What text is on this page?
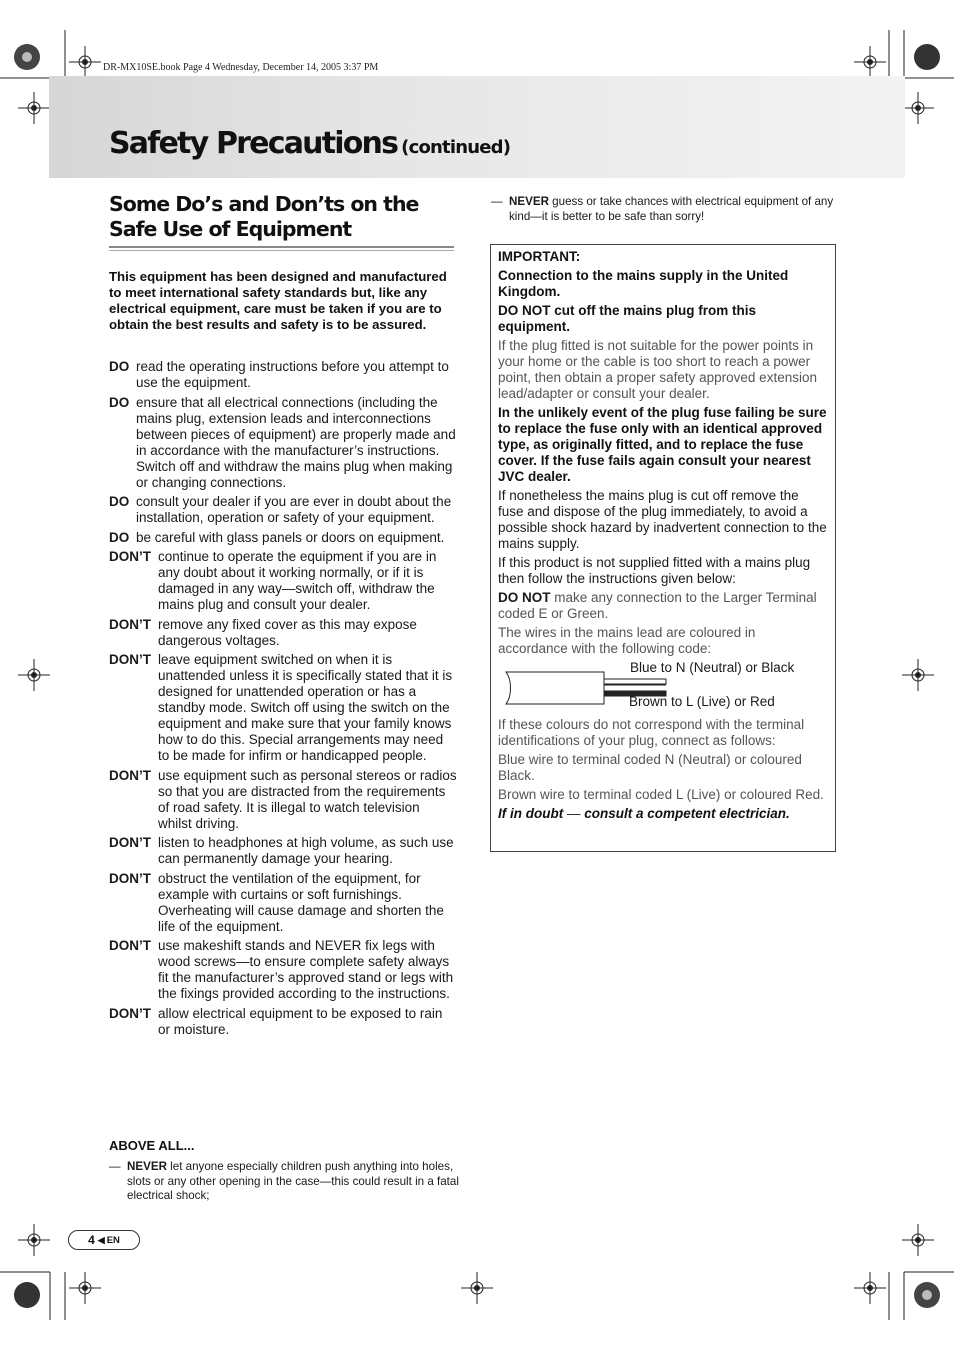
DR-MX10SE.book Page 4 Wednesday, December 14, 2005 3:37 PM
Safety Precautions (continued)
Some Do’s and Don’ts on the Safe Use of Equipment
This equipment has been designed and manufactured to meet international safety standards but, like any electrical equipment, care must be taken if you are to obtain the best results and safety is to be assured.
DO read the operating instructions before you attempt to use the equipment.
DO ensure that all electrical connections (including the mains plug, extension leads and interconnections between pieces of equipment) are properly made and in accordance with the manufacturer’s instructions. Switch off and withdraw the mains plug when making or changing connections.
DO consult your dealer if you are ever in doubt about the installation, operation or safety of your equipment.
DO be careful with glass panels or doors on equipment.
DON’T continue to operate the equipment if you are in any doubt about it working normally, or if it is damaged in any way—switch off, withdraw the mains plug and consult your dealer.
DON’T remove any fixed cover as this may expose dangerous voltages.
DON’T leave equipment switched on when it is unattended unless it is specifically stated that it is designed for unattended operation or has a standby mode. Switch off using the switch on the equipment and make sure that your family knows how to do this. Special arrangements may need to be made for infirm or handicapped people.
DON’T use equipment such as personal stereos or radios so that you are distracted from the requirements of road safety. It is illegal to watch television whilst driving.
DON’T listen to headphones at high volume, as such use can permanently damage your hearing.
DON’T obstruct the ventilation of the equipment, for example with curtains or soft furnishings. Overheating will cause damage and shorten the life of the equipment.
DON’T use makeshift stands and NEVER fix legs with wood screws—to ensure complete safety always fit the manufacturer’s approved stand or legs with the fixings provided according to the instructions.
DON’T allow electrical equipment to be exposed to rain or moisture.
ABOVE ALL...
— NEVER let anyone especially children push anything into holes, slots or any other opening in the case—this could result in a fatal electrical shock;
— NEVER guess or take chances with electrical equipment of any kind—it is better to be safe than sorry!

IMPORTANT:

Connection to the mains supply in the United Kingdom.

DO NOT cut off the mains plug from this equipment.

If the plug fitted is not suitable for the power points in your home or the cable is too short to reach a power point, then obtain a proper safety approved extension lead/adapter or consult your dealer.

In the unlikely event of the plug fuse failing be sure to replace the fuse only with an identical approved type, as originally fitted, and to replace the fuse cover. If the fuse fails again consult your nearest JVC dealer.

If nonetheless the mains plug is cut off remove the fuse and dispose of the plug immediately, to avoid a possible shock hazard by inadvertent connection to the mains supply.

If this product is not supplied fitted with a mains plug then follow the instructions given below:

DO NOT make any connection to the Larger Terminal coded E or Green.

The wires in the mains lead are coloured in accordance with the following code:

Blue to N (Neutral) or Black
Brown to L (Live) or Red

If these colours do not correspond with the terminal identifications of your plug, connect as follows:

Blue wire to terminal coded N (Neutral) or coloured Black.

Brown wire to terminal coded L (Live) or coloured Red.

If in doubt — consult a competent electrician.

4 ◀ EN
